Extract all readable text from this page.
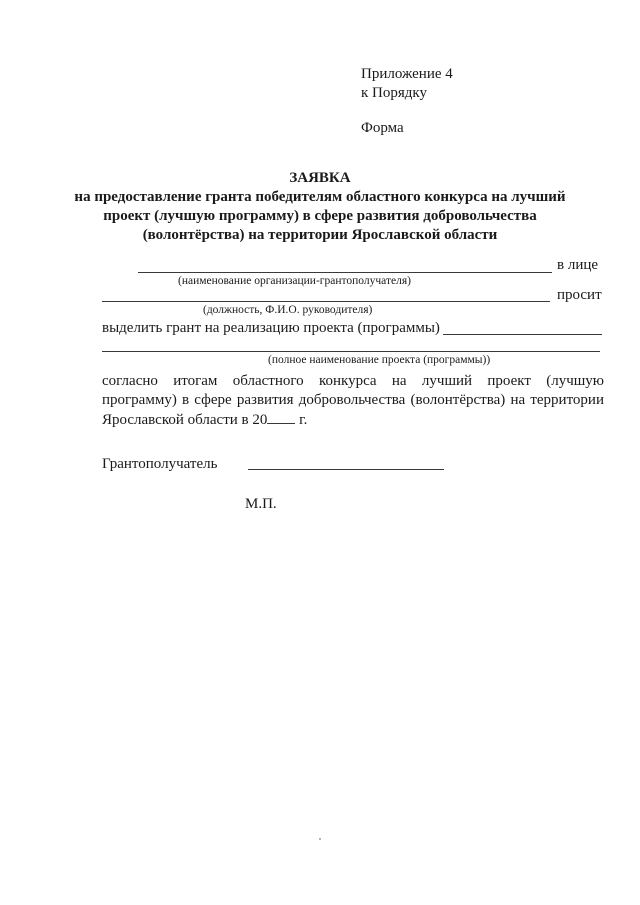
Приложение 4
к Порядку
Форма
ЗАЯВКА
на предоставление гранта победителям областного конкурса на лучший
проект (лучшую программу) в сфере развития добровольчества
(волонтёрства) на территории Ярославской области
в лице
(наименование организации-грантополучателя)
просит
(должность, Ф.И.О. руководителя)
выделить грант на реализацию проекта (программы)
(полное наименование проекта (программы))
согласно итогам областного конкурса на лучший проект (лучшую
программу) в сфере развития добровольчества (волонтёрства) на территории
Ярославской области в 20 г.
Грантополучатель
М.П.
